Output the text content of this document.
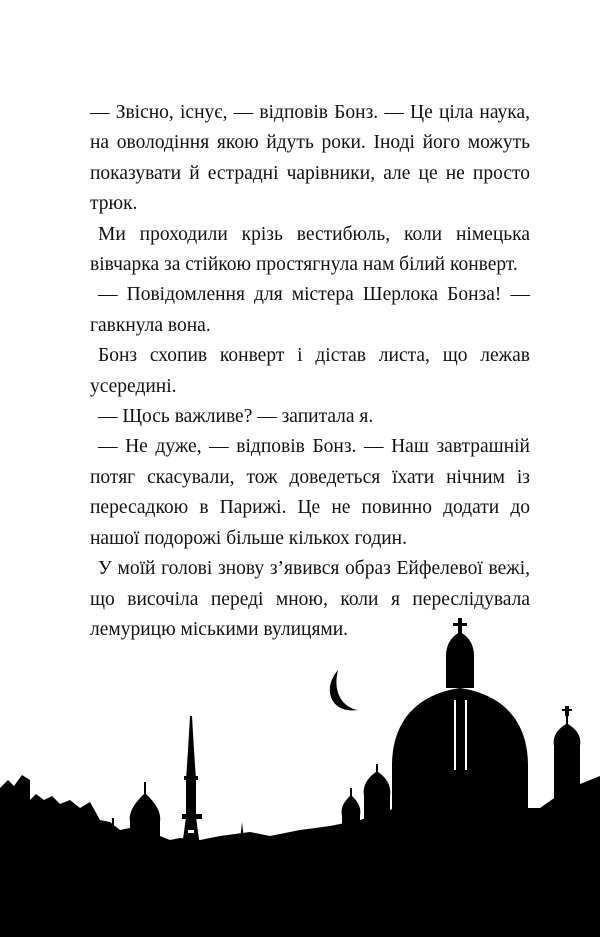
— Звісно, існує, — відповів Бонз. — Це ціла наука, на оволодіння якою йдуть роки. Іноді його можуть показувати й естрадні чарівники, але це не просто трюк.

Ми проходили крізь вестибюль, коли німецька вівчарка за стійкою простягнула нам білий конверт.

— Повідомлення для містера Шерлока Бонза! — гавкнула вона.

Бонз схопив конверт і дістав листа, що лежав усередині.

— Щось важливе? — запитала я.

— Не дуже, — відповів Бонз. — Наш завтрашній потяг скасували, тож доведеться їхати нічним із пересадкою в Парижі. Це не повинно додати до нашої подорожі більше кількох годин.

У моїй голові знову з’явився образ Ейфелевої вежі, що височіла переді мною, коли я переслідувала лемурицю міськими вулицями.
